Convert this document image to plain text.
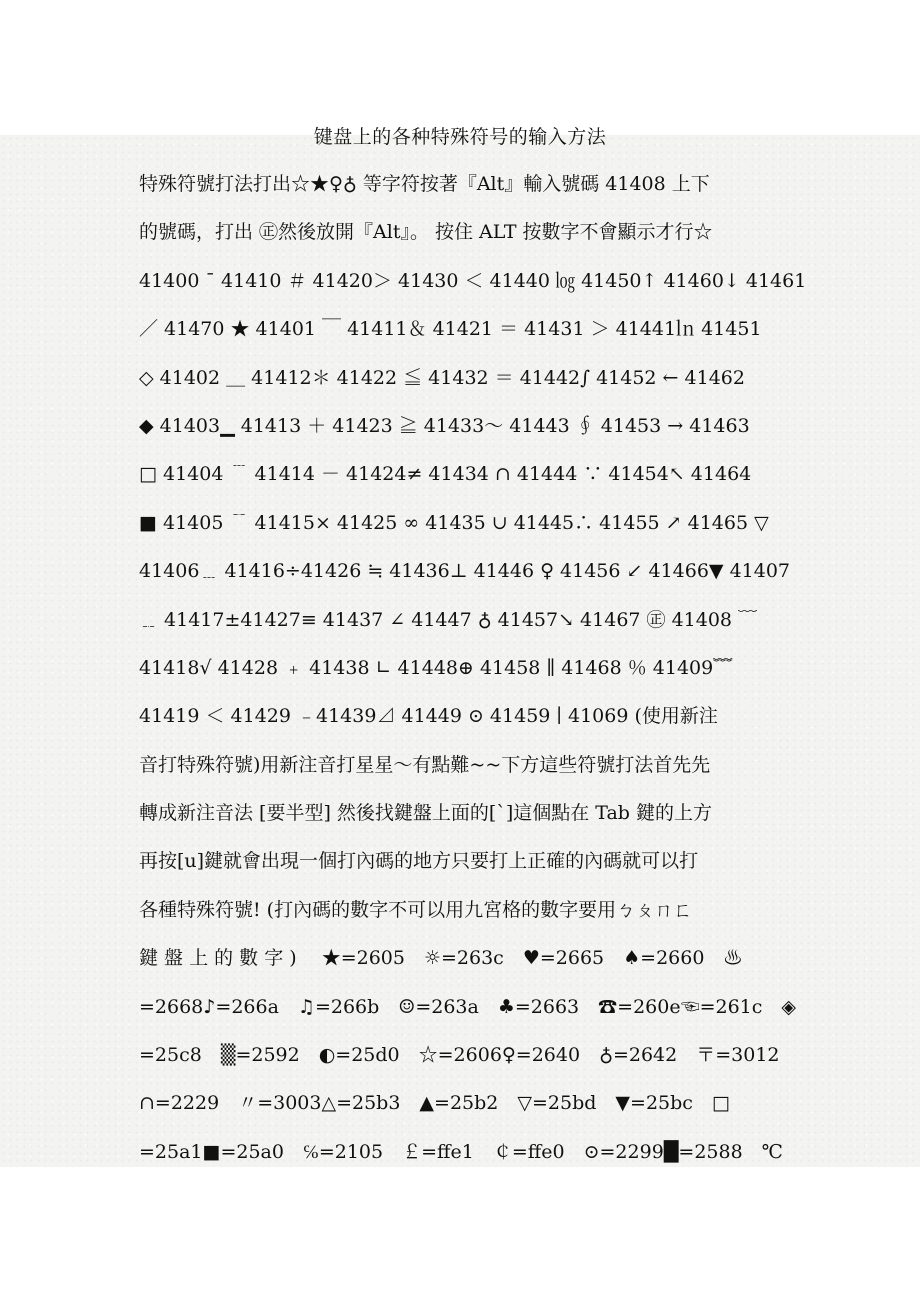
键盘上的各种特殊符号的输入方法
特殊符號打法打出☆★♀♁ 等字符按著『Alt』輸入號碼 41408 上下
的號碼，打出 ㊣然後放開『Alt』。 按住 ALT 按數字不會顯示才行☆
41400 ˉ 41410 ＃ 41420＞ 41430 ＜ 41440 ㏒ 41450↑ 41460↓ 41461
／ 41470 ★ 41401 ￣ 41411＆ 41421 ＝ 41431 ＞ 41441㏑ 41451
◇ 41402 ＿ 41412＊ 41422 ≦ 41432 ＝ 41442∫ 41452 ← 41462
◆ 41403▁ 41413 ＋ 41423 ≧ 41433～ 41443 ∮ 41453 → 41463
□ 41404 ﹉ 41414 － 41424≠ 41434 ∩ 41444 ∵ 41454↖ 41464
■ 41405 ﹊ 41415× 41425 ∞ 41435 ∪ 41445∴ 41455 ↗ 41465 ▽
41406﹍ 41416÷41426 ≒ 41436⊥ 41446 ♀ 41456 ↙ 41466▼ 41407
﹎ 41417±41427≡ 41437 ∠ 41447 ♁ 41457↘ 41467 ㊣ 41408 ﹋
41418√ 41428 ﹢ 41438 ∟ 41448⊕ 41458 ∥ 41468 ％ 41409﹌
41419 ＜ 41429 ﹣41439⊿ 41449 ⊙ 41459 ∣ 41069 (使用新注
音打特殊符號)用新注音打星星～有點難~~下方這些符號打法首先先
轉成新注音法 [要半型] 然後找鍵盤上面的[`]這個點在 Tab 鍵的上方
再按[u]鍵就會出現一個打內碼的地方只要打上正確的內碼就可以打
各種特殊符號! (打內碼的數字不可以用九宮格的數字要用ㄅㄆㄇㄈ
鍵 盤 上 的 數 字 )　 ★=2605　☼=263c　♥=2665　♠=2660　♨
=2668♪=266a　♫=266b　☺=263a　♣=2663　☎=260e☜=261c　◈
=25c8　▒=2592　◐=25d0　☆=2606♀=2640　♁=2642　〒=3012
∩=2229　〃=3003△=25b3　▲=25b2　▽=25bd　▼=25bc　□
=25a1■=25a0　℅=2105　￡=ffe1　￠=ffe0　⊙=2299█=2588　℃
